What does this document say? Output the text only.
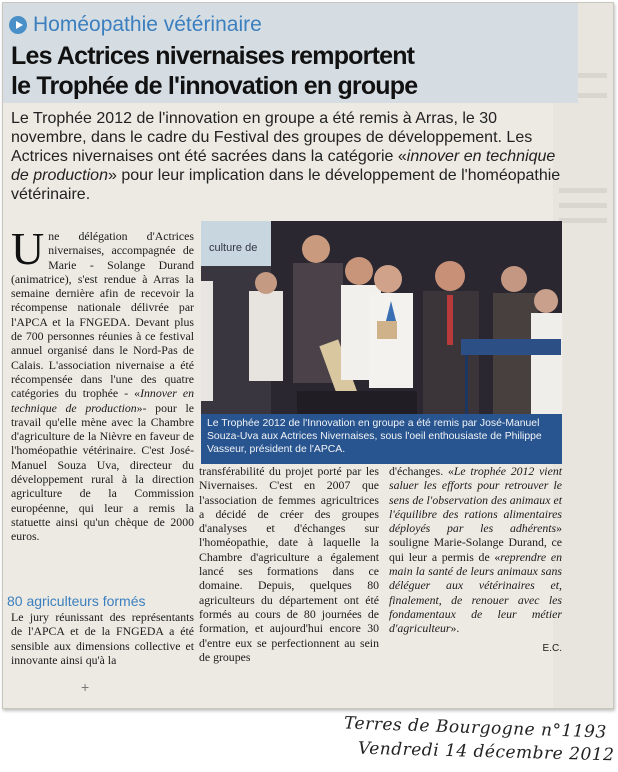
Homéopathie vétérinaire
Les Actrices nivernaises remportent
le Trophée de l'innovation en groupe
Le Trophée 2012 de l'innovation en groupe a été remis à Arras, le 30 novembre, dans le cadre du Festival des groupes de développement. Les Actrices nivernaises ont été sacrées dans la catégorie «innover en technique de production» pour leur implication dans le développement de l'homéopathie vétérinaire.
Une délégation d'Actrices nivernaises, accompagnée de Marie - Solange Durand (animatrice), s'est rendue à Arras la semaine dernière afin de recevoir la récompense nationale délivrée par l'APCA et la FNGEDA. Devant plus de 700 personnes réunies à ce festival annuel organisé dans le Nord-Pas de Calais. L'association nivernaise a été récompensée dans l'une des quatre catégories du trophée - «Innover en technique de production»- pour le travail qu'elle mène avec la Chambre d'agriculture de la Nièvre en faveur de l'homéopathie vétérinaire. C'est José-Manuel Souza Uva, directeur du développement rural à la direction agriculture de la Commission européenne, qui leur a remis la statuette ainsi qu'un chèque de 2000 euros.
80 agriculteurs formés
Le jury réunissant des représentants de l'APCA et de la FNGEDA a été sensible aux dimensions collective et innovante ainsi qu'à la
culture de
Le Trophée 2012 de l'Innovation en groupe a été remis par José-Manuel Souza-Uva aux Actrices Nivernaises, sous l'oeil enthousiaste de Philippe Vasseur, président de l'APCA.
transférabilité du projet porté par les Nivernaises. C'est en 2007 que l'association de femmes agricultrices a décidé de créer des groupes d'analyses et d'échanges sur l'homéopathie, date à laquelle la Chambre d'agriculture a également lancé ses formations dans ce domaine. Depuis, quelques 80 agriculteurs du département ont été formés au cours de 80 journées de formation, et aujourd'hui encore 30 d'entre eux se perfectionnent au sein de groupes
d'échanges. «Le trophée 2012 vient saluer les efforts pour retrouver le sens de l'observation des animaux et l'équilibre des rations alimentaires déployés par les adhérents» souligne Marie-Solange Durand, ce qui leur a permis de «reprendre en main la santé de leurs animaux sans déléguer aux vétérinaires et, finalement, de renouer avec les fondamentaux de leur métier d'agriculteur».
E.C.
+
Terres de Bourgogne n°1193
Vendredi 14 décembre 2012
